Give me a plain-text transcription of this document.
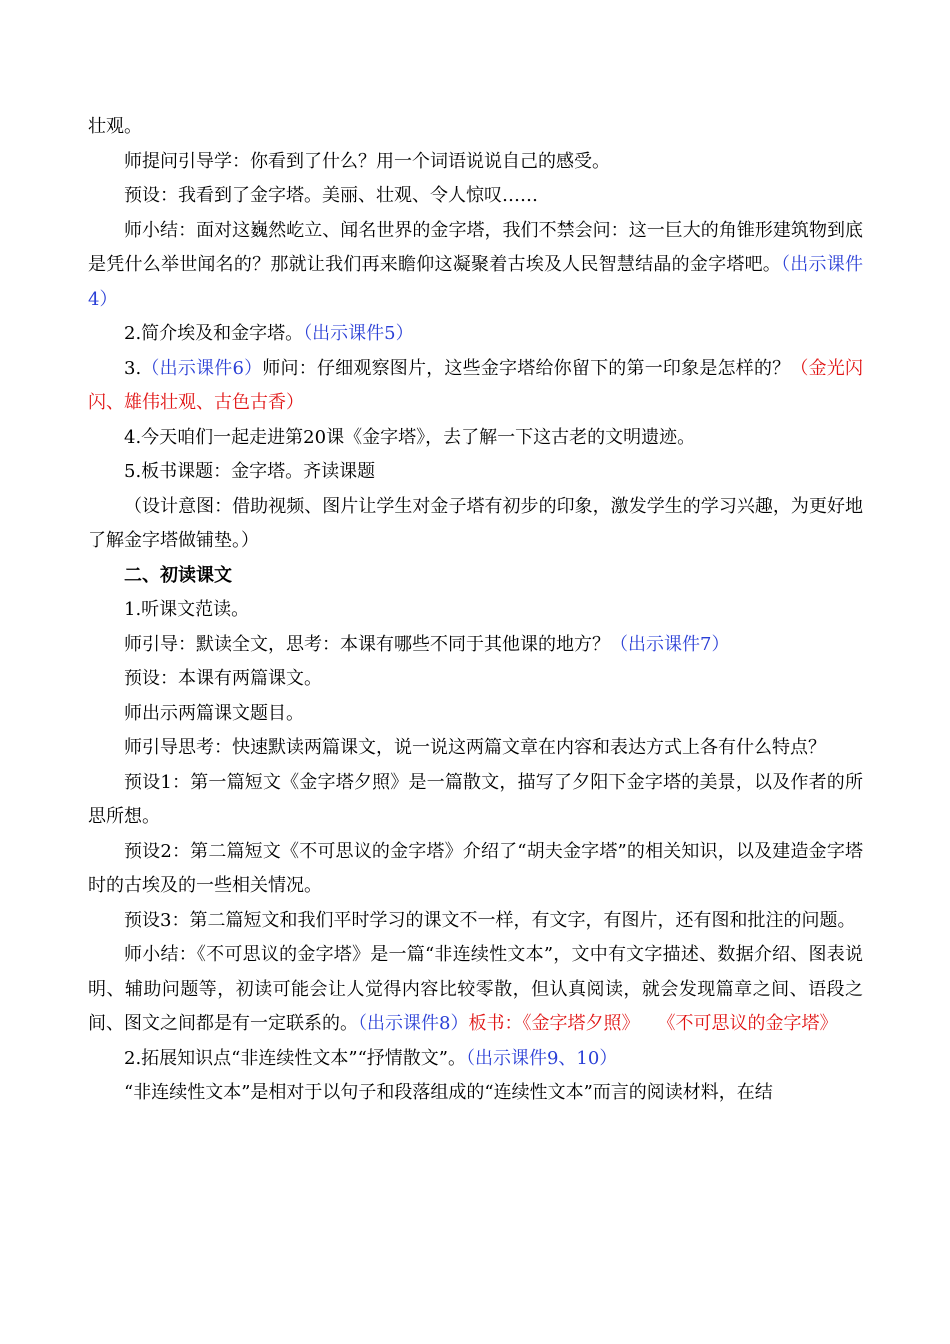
壮观。

师提问引导学：你看到了什么？用一个词语说说自己的感受。

预设：我看到了金字塔。美丽、壮观、令人惊叹……

师小结：面对这巍然屹立、闻名世界的金字塔，我们不禁会问：这一巨大的角锥形建筑物到底是凭什么举世闻名的？那就让我们再来瞻仰这凝聚着古埃及人民智慧结晶的金字塔吧。（出示课件4）

2.简介埃及和金字塔。（出示课件5）

3.（出示课件6）师问：仔细观察图片，这些金字塔给你留下的第一印象是怎样的？（金光闪闪、雄伟壮观、古色古香）

4.今天咱们一起走进第20课《金字塔》，去了解一下这古老的文明遗迹。

5.板书课题：金字塔。齐读课题

（设计意图：借助视频、图片让学生对金子塔有初步的印象，激发学生的学习兴趣，为更好地了解金字塔做铺垫。）

二、初读课文

1.听课文范读。

师引导：默读全文，思考：本课有哪些不同于其他课的地方？（出示课件7）

预设：本课有两篇课文。

师出示两篇课文题目。

师引导思考：快速默读两篇课文，说一说这两篇文章在内容和表达方式上各有什么特点？

预设1：第一篇短文《金字塔夕照》是一篇散文，描写了夕阳下金字塔的美景，以及作者的所思所想。

预设2：第二篇短文《不可思议的金字塔》介绍了“胡夫金字塔”的相关知识，以及建造金字塔时的古埃及的一些相关情况。

预设3：第二篇短文和我们平时学习的课文不一样，有文字，有图片，还有图和批注的问题。

师小结：《不可思议的金字塔》是一篇“非连续性文本”，文中有文字描述、数据介绍、图表说明、辅助问题等，初读可能会让人觉得内容比较零散，但认真阅读，就会发现篇章之间、语段之间、图文之间都是有一定联系的。（出示课件8）板书：《金字塔夕照》　　《不可思议的金字塔》

2.拓展知识点“非连续性文本”“抒情散文”。（出示课件9、10）

“非连续性文本”是相对于以句子和段落组成的“连续性文本”而言的阅读材料，在结
